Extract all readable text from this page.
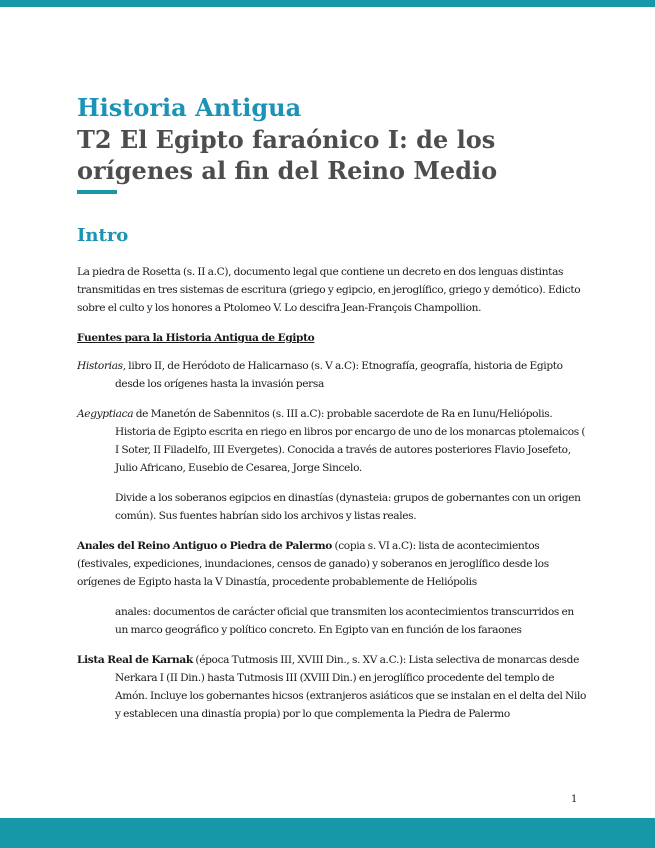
Historia Antigua
T2 El Egipto faraónico I: de los orígenes al fin del Reino Medio
Intro

La piedra de Rosetta (s. II a.C), documento legal que contiene un decreto en dos lenguas distintas transmitidas en tres sistemas de escritura (griego y egipcio, en jeroglífico, griego y demótico). Edicto sobre el culto y los honores a Ptolomeo V. Lo descifra Jean-François Champollion.

Fuentes para la Historia Antigua de Egipto

Historias, libro II, de Heródoto de Halicarnaso (s. V a.C): Etnografía, geografía, historia de Egipto desde los orígenes hasta la invasión persa

Aegyptiaca de Manetón de Sabennitos (s. III a.C): probable sacerdote de Ra en Iunu/Heliópolis. Historia de Egipto escrita en riego en libros por encargo de uno de los monarcas ptolemaicos ( I Soter, II Filadelfo, III Evergetes). Conocida a través de autores posteriores Flavio Josefeto, Julio Africano, Eusebio de Cesarea, Jorge Sincelo.

Divide a los soberanos egipcios en dinastías (dynasteia: grupos de gobernantes con un origen común). Sus fuentes habrían sido los archivos y listas reales.

Anales del Reino Antiguo o Piedra de Palermo (copia s. VI a.C): lista de acontecimientos (festivales, expediciones, inundaciones, censos de ganado) y soberanos en jeroglífico desde los orígenes de Egipto hasta la V Dinastía, procedente probablemente de Heliópolis

anales: documentos de carácter oficial que transmiten los acontecimientos transcurridos en un marco geográfico y político concreto. En Egipto van en función de los faraones

Lista Real de Karnak (época Tutmosis III, XVIII Din., s. XV a.C.): Lista selectiva de monarcas desde Nerkara I (II Din.) hasta Tutmosis III (XVIII Din.) en jeroglífico procedente del templo de Amón. Incluye los gobernantes hicsos (extranjeros asiáticos que se instalan en el delta del Nilo y establecen una dinastía propia) por lo que complementa la Piedra de Palermo

1
